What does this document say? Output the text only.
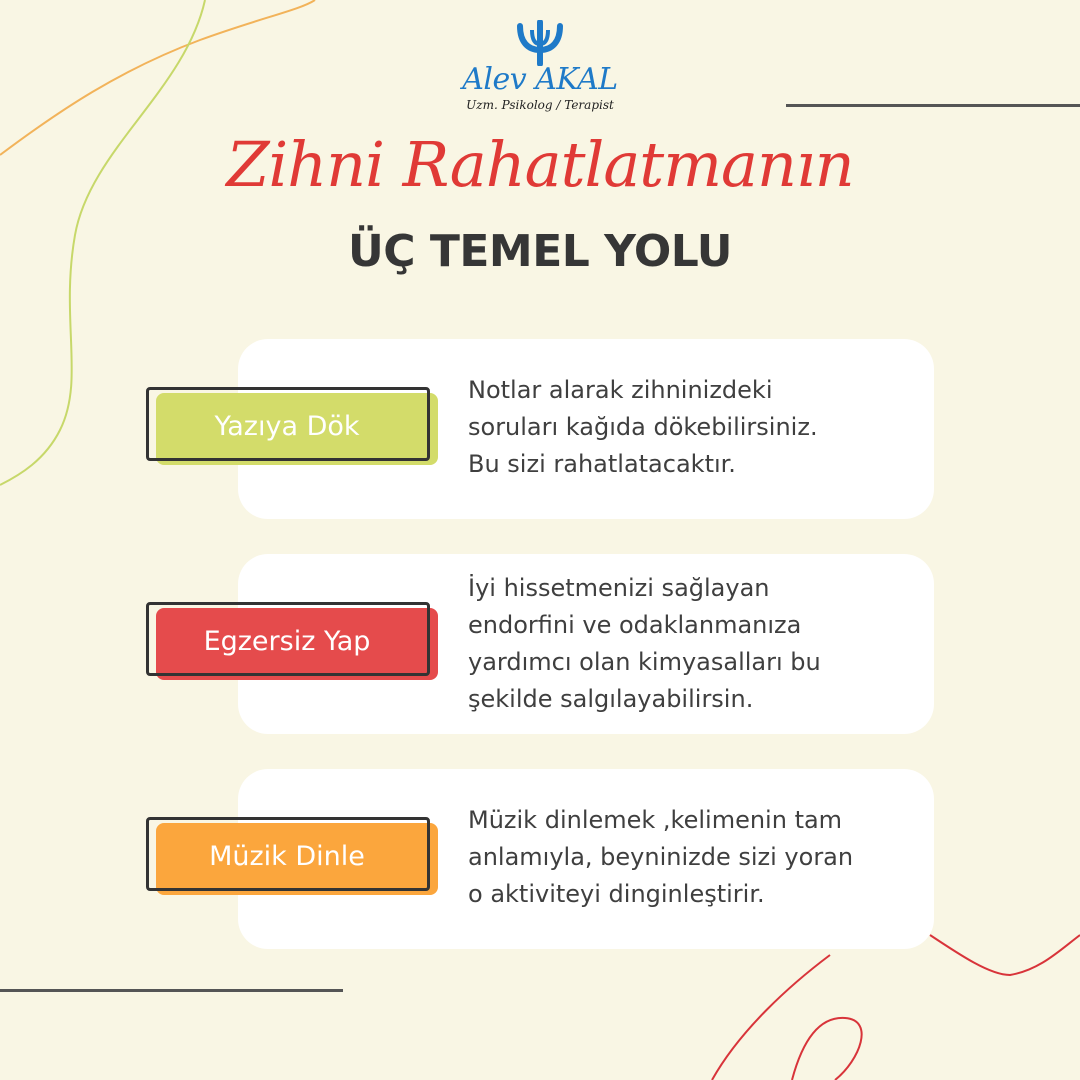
Alev AKAL
Uzm. Psikolog / Terapist
Zihni Rahatlatmanın
ÜÇ TEMEL YOLU
Yazıya Dök
Notlar alarak zihninizdeki
soruları kağıda dökebilirsiniz.
Bu sizi rahatlatacaktır.
Egzersiz Yap
İyi hissetmenizi sağlayan
endorfini ve odaklanmanıza
yardımcı olan kimyasalları bu
şekilde salgılayabilirsin.
Müzik Dinle
Müzik dinlemek ,kelimenin tam
anlamıyla, beyninizde sizi yoran
o aktiviteyi dinginleştirir.
